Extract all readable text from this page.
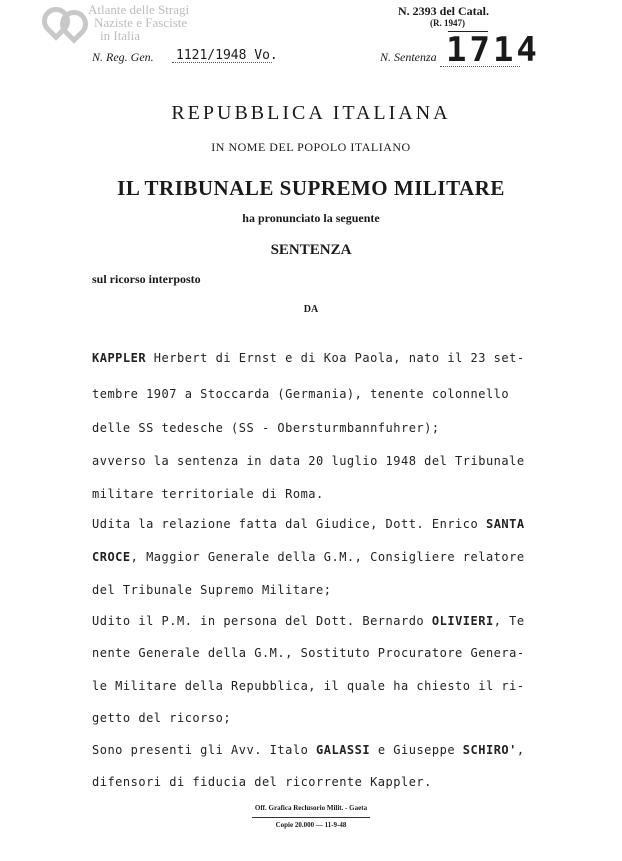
Atlante delle Stragi
Naziste e Fasciste
in Italia
N. 2393 del Catal.
(R. 1947)
N. Reg. Gen. 1121/1948 Vo.	N. Sentenza 1714
REPUBBLICA ITALIANA
IN NOME DEL POPOLO ITALIANO
IL TRIBUNALE SUPREMO MILITARE
ha pronunciato la seguente
SENTENZA
sul ricorso interposto
DA
KAPPLER Herbert di Ernst e di Koa Paola, nato il 23 set-
tembre 1907 a Stoccarda (Germania), tenente colonnello
delle SS tedesche (SS - Obersturmbannfuhrer);
avverso la sentenza in data 20 luglio 1948 del Tribunale
militare territoriale di Roma.
Udita la relazione fatta dal Giudice, Dott. Enrico SANTA
CROCE, Maggior Generale della G.M., Consigliere relatore
del Tribunale Supremo Militare;
Udito il P.M. in persona del Dott. Bernardo OLIVIERI, Te
nente Generale della G.M., Sostituto Procuratore Genera-
le Militare della Repubblica, il quale ha chiesto il ri-
getto del ricorso;
Sono presenti gli Avv. Italo GALASSI e Giuseppe SCHIRO',
difensori di fiducia del ricorrente Kappler.
Off. Grafica Reclusorio Milit. - Gaeta
Copie 20.000 — 11-9-48
